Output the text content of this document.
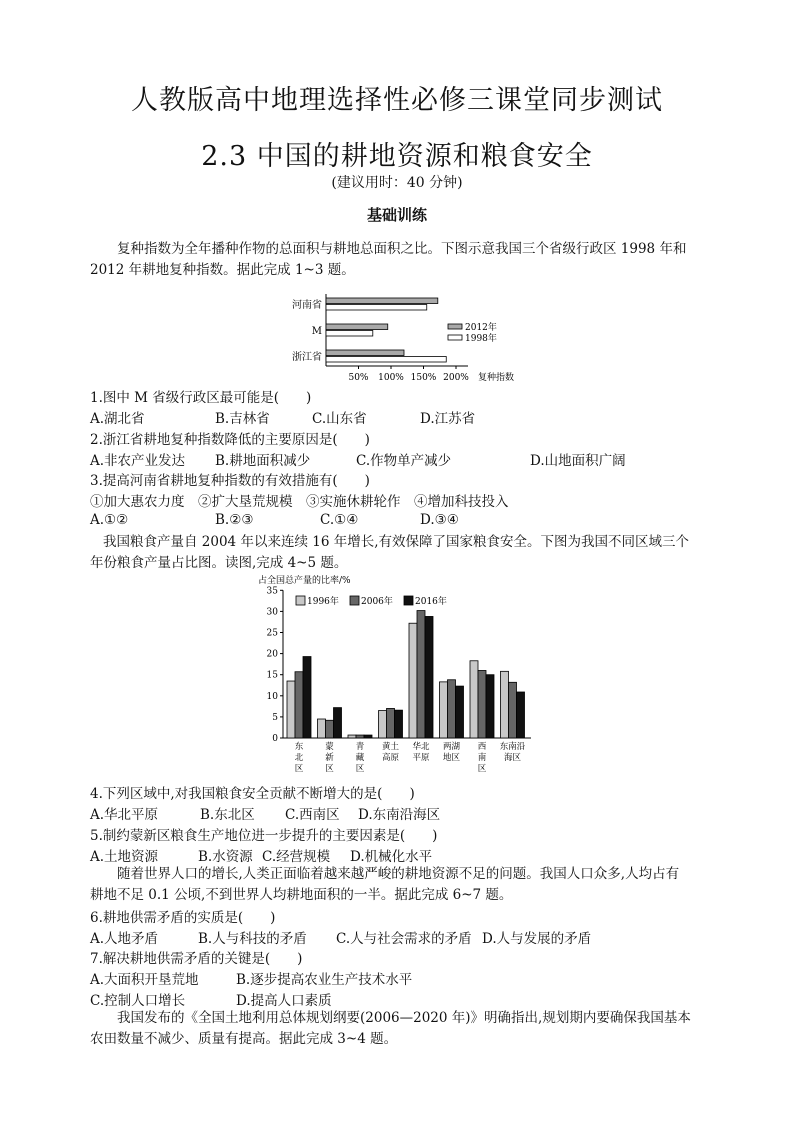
人教版高中地理选择性必修三课堂同步测试
2.3 中国的耕地资源和粮食安全
(建议用时：40 分钟)
基础训练
复种指数为全年播种作物的总面积与耕地总面积之比。下图示意我国三个省级行政区 1998 年和
2012 年耕地复种指数。据此完成 1~3 题。
河南省
M
浙江省
50% 100% 150% 200% 复种指数
2012年
1998年
1.图中 M 省级行政区最可能是(　　)
A.湖北省	B.吉林省	C.山东省	D.江苏省
2.浙江省耕地复种指数降低的主要原因是(　　)
A.非农产业发达 B.耕地面积减少	C.作物单产减少	D.山地面积广阔
3.提高河南省耕地复种指数的有效措施有(　　)
①加大惠农力度　②扩大垦荒规模　③实施休耕轮作　④增加科技投入
A.①②	B.②③	C.①④	D.③④
我国粮食产量自 2004 年以来连续 16 年增长,有效保障了国家粮食安全。下图为我国不同区域三个
年份粮食产量占比图。读图,完成 4~5 题。
占全国总产量的比率/%
0
5
10
15
20
25
30
35
东
北
区
蒙
新
区
青
藏
区
黄土
高原
华北
平原
两湖
地区
西
南
区
东南沿
海区
1996年 2006年 2016年
4.下列区域中,对我国粮食安全贡献不断增大的是(　　)
A.华北平原	B.东北区 C.西南区 D.东南沿海区
5.制约蒙新区粮食生产地位进一步提升的主要因素是(　　)
A.土地资源	B.水资源 C.经营规模 D.机械化水平
随着世界人口的增长,人类正面临着越来越严峻的耕地资源不足的问题。我国人口众多,人均占有
耕地不足 0.1 公顷,不到世界人均耕地面积的一半。据此完成 6~7 题。
6.耕地供需矛盾的实质是(　　)
A.人地矛盾	B.人与科技的矛盾 C.人与社会需求的矛盾 D.人与发展的矛盾
7.解决耕地供需矛盾的关键是(　　)
A.大面积开垦荒地	B.逐步提高农业生产技术水平
C.控制人口增长	D.提高人口素质
我国发布的《全国土地利用总体规划纲要(2006—2020 年)》明确指出,规划期内要确保我国基本
农田数量不减少、质量有提高。据此完成 3~4 题。
